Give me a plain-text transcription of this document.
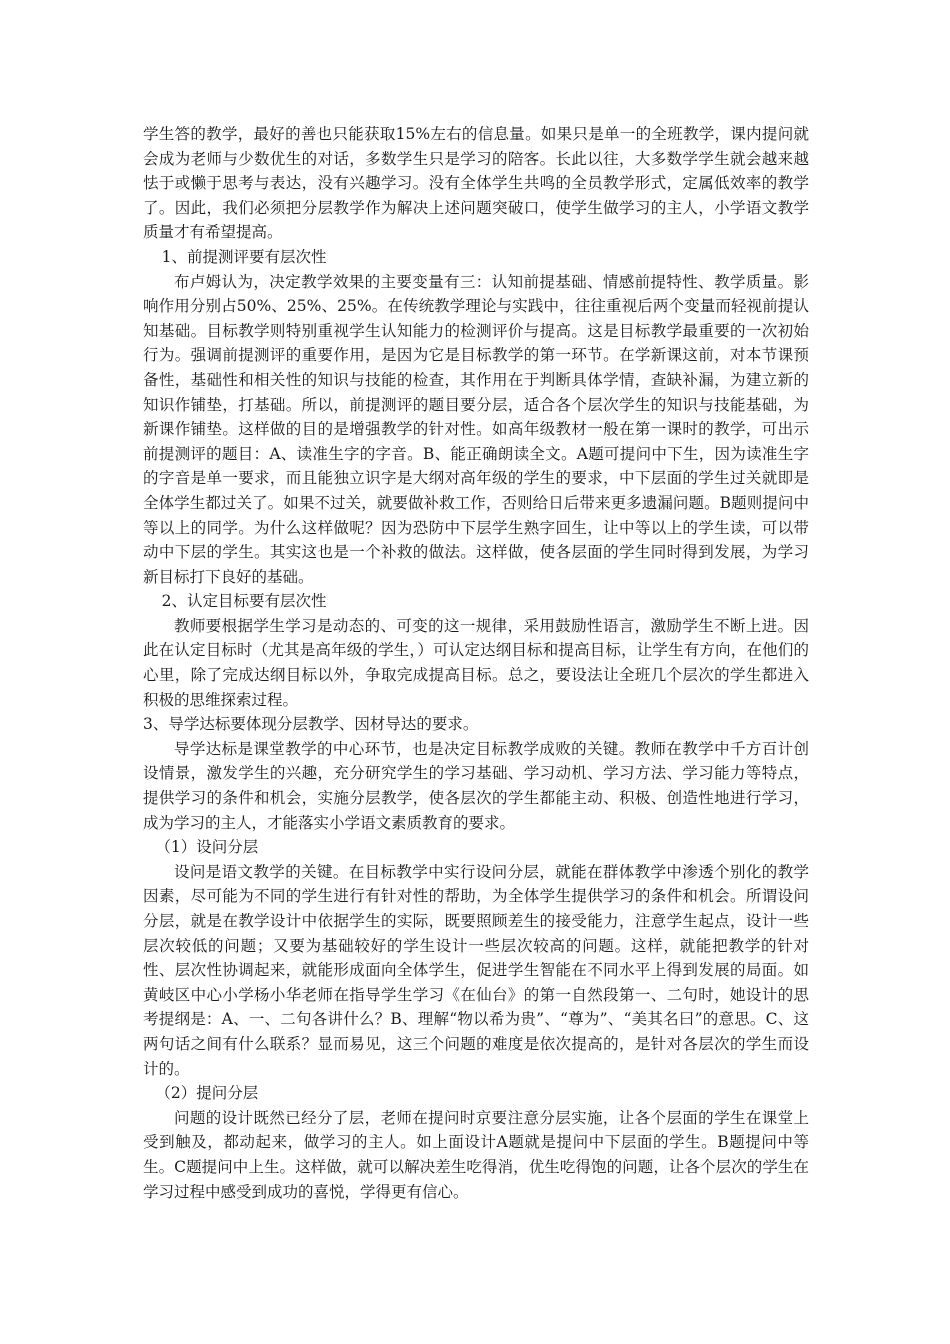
学生答的教学，最好的善也只能获取15%左右的信息量。如果只是单一的全班教学，课内提问就会成为老师与少数优生的对话，多数学生只是学习的陪客。长此以往，大多数学学生就会越来越怯于或懒于思考与表达，没有兴趣学习。没有全体学生共鸣的全员教学形式，定属低效率的教学了。因此，我们必须把分层教学作为解决上述问题突破口，使学生做学习的主人，小学语文教学质量才有希望提高。

1、前提测评要有层次性

布卢姆认为，决定教学效果的主要变量有三：认知前提基础、情感前提特性、教学质量。影响作用分别占50%、25%、25%。在传统教学理论与实践中，往往重视后两个变量而轻视前提认知基础。目标教学则特别重视学生认知能力的检测评价与提高。这是目标教学最重要的一次初始行为。强调前提测评的重要作用，是因为它是目标教学的第一环节。在学新课这前，对本节课预备性，基础性和相关性的知识与技能的检查，其作用在于判断具体学情，查缺补漏，为建立新的知识作铺垫，打基础。所以，前提测评的题目要分层，适合各个层次学生的知识与技能基础，为新课作铺垫。这样做的目的是增强教学的针对性。如高年级教材一般在第一课时的教学，可出示前提测评的题目：A、读准生字的字音。B、能正确朗读全文。A题可提问中下生，因为读准生字的字音是单一要求，而且能独立识字是大纲对高年级的学生的要求，中下层面的学生过关就即是全体学生都过关了。如果不过关，就要做补救工作，否则给日后带来更多遗漏问题。B题则提问中等以上的同学。为什么这样做呢？因为恐防中下层学生熟字回生，让中等以上的学生读，可以带动中下层的学生。其实这也是一个补救的做法。这样做，使各层面的学生同时得到发展，为学习新目标打下良好的基础。

2、认定目标要有层次性

教师要根据学生学习是动态的、可变的这一规律，采用鼓励性语言，激励学生不断上进。因此在认定目标时（尤其是高年级的学生，）可认定达纲目标和提高目标，让学生有方向，在他们的心里，除了完成达纲目标以外，争取完成提高目标。总之，要设法让全班几个层次的学生都进入积极的思维探索过程。

3、导学达标要体现分层教学、因材导达的要求。

导学达标是课堂教学的中心环节，也是决定目标教学成败的关键。教师在教学中千方百计创设情景，激发学生的兴趣，充分研究学生的学习基础、学习动机、学习方法、学习能力等特点，提供学习的条件和机会，实施分层教学，使各层次的学生都能主动、积极、创造性地进行学习，成为学习的主人，才能落实小学语文素质教育的要求。

（1）设问分层

设问是语文教学的关键。在目标教学中实行设问分层，就能在群体教学中渗透个别化的教学因素，尽可能为不同的学生进行有针对性的帮助，为全体学生提供学习的条件和机会。所谓设问分层，就是在教学设计中依据学生的实际，既要照顾差生的接受能力，注意学生起点，设计一些层次较低的问题；又要为基础较好的学生设计一些层次较高的问题。这样，就能把教学的针对性、层次性协调起来，就能形成面向全体学生，促进学生智能在不同水平上得到发展的局面。如黄岐区中心小学杨小华老师在指导学生学习《在仙台》的第一自然段第一、二句时，她设计的思考提纲是：A、一、二句各讲什么？B、理解“物以希为贵”、“尊为”、“美其名曰”的意思。C、这两句话之间有什么联系？显而易见，这三个问题的难度是依次提高的，是针对各层次的学生而设计的。

（2）提问分层

问题的设计既然已经分了层，老师在提问时京要注意分层实施，让各个层面的学生在课堂上受到触及，都动起来，做学习的主人。如上面设计A题就是提问中下层面的学生。B题提问中等生。C题提问中上生。这样做，就可以解决差生吃得消，优生吃得饱的问题，让各个层次的学生在学习过程中感受到成功的喜悦，学得更有信心。
